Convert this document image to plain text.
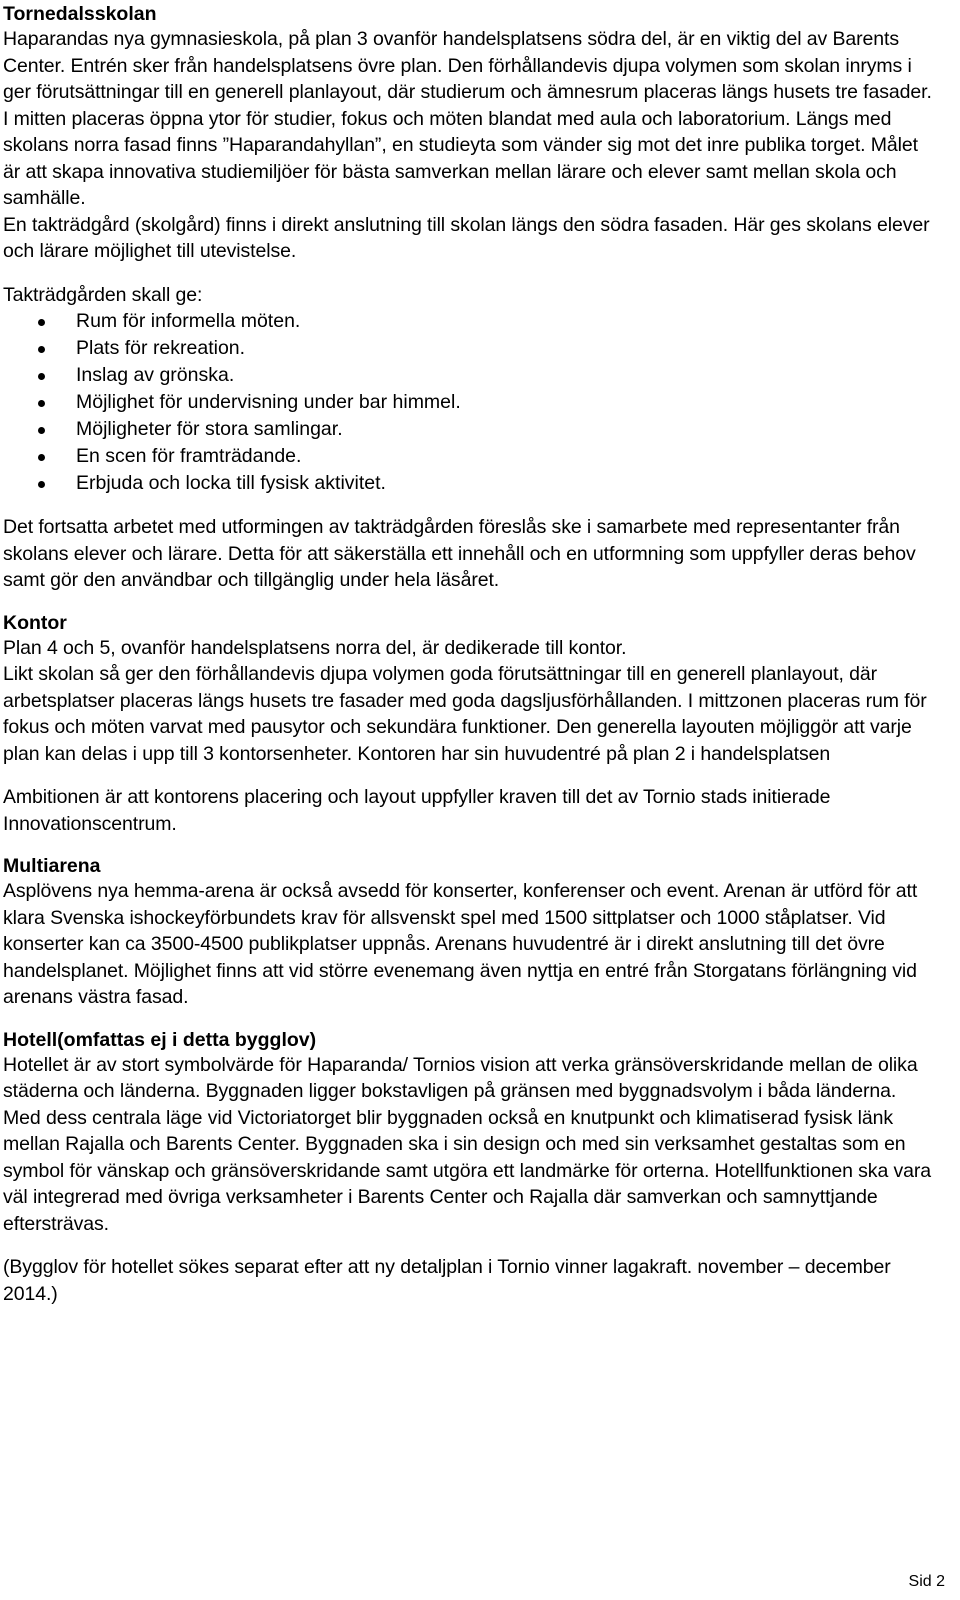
Tornedalsskolan

Haparandas nya gymnasieskola, på plan 3 ovanför handelsplatsens södra del, är en viktig del av Barents Center. Entrén sker från handelsplatsens övre plan. Den förhållandevis djupa volymen som skolan inryms i ger förutsättningar till en generell planlayout, där studierum och ämnesrum placeras längs husets tre fasader. I mitten placeras öppna ytor för studier, fokus och möten blandat med aula och laboratorium. Längs med skolans norra fasad finns ”Haparandahyllan”, en studieyta som vänder sig mot det inre publika torget. Målet är att skapa innovativa studiemiljöer för bästa samverkan mellan lärare och elever samt mellan skola och samhälle.

En takträdgård (skolgård) finns i direkt anslutning till skolan längs den södra fasaden. Här ges skolans elever och lärare möjlighet till utevistelse.

Takträdgården skall ge:

Rum för informella möten.
Plats för rekreation.
Inslag av grönska.
Möjlighet för undervisning under bar himmel.
Möjligheter för stora samlingar.
En scen för framträdande.
Erbjuda och locka till fysisk aktivitet.

Det fortsatta arbetet med utformingen av takträdgården föreslås ske i samarbete med representanter från skolans elever och lärare. Detta för att säkerställa ett innehåll och en utformning som uppfyller deras behov samt gör den användbar och tillgänglig under hela läsåret.

Kontor

Plan 4 och 5, ovanför handelsplatsens norra del, är dedikerade till kontor.

Likt skolan så ger den förhållandevis djupa volymen goda förutsättningar till en generell planlayout, där arbetsplatser placeras längs husets tre fasader med goda dagsljusförhållanden. I mittzonen placeras rum för fokus och möten varvat med pausytor och sekundära funktioner. Den generella layouten möjliggör att varje plan kan delas i upp till 3 kontorsenheter. Kontoren har sin huvudentré på plan 2 i handelsplatsen

Ambitionen är att kontorens placering och layout uppfyller kraven till det av Tornio stads initierade Innovationscentrum.

Multiarena

Asplövens nya hemma-arena är också avsedd för konserter, konferenser och event. Arenan är utförd för att klara Svenska ishockeyförbundets krav för allsvenskt spel med 1500 sittplatser och 1000 ståplatser. Vid konserter kan ca 3500-4500 publikplatser uppnås. Arenans huvudentré är i direkt anslutning till det övre handelsplanet. Möjlighet finns att vid större evenemang även nyttja en entré från Storgatans förlängning vid arenans västra fasad.

Hotell(omfattas ej i detta bygglov)

Hotellet är av stort symbolvärde för Haparanda/ Tornios vision att verka gränsöverskridande mellan de olika städerna och länderna. Byggnaden ligger bokstavligen på gränsen med byggnadsvolym i båda länderna. Med dess centrala läge vid Victoriatorget blir byggnaden också en knutpunkt och klimatiserad fysisk länk mellan Rajalla och Barents Center. Byggnaden ska i sin design och med sin verksamhet gestaltas som en symbol för vänskap och gränsöverskridande samt utgöra ett landmärke för orterna. Hotellfunktionen ska vara väl integrerad med övriga verksamheter i Barents Center och Rajalla där samverkan och samnyttjande eftersträvas.

(Bygglov för hotellet sökes separat efter att ny detaljplan i Tornio vinner lagakraft. november – december 2014.)

Sid 2
